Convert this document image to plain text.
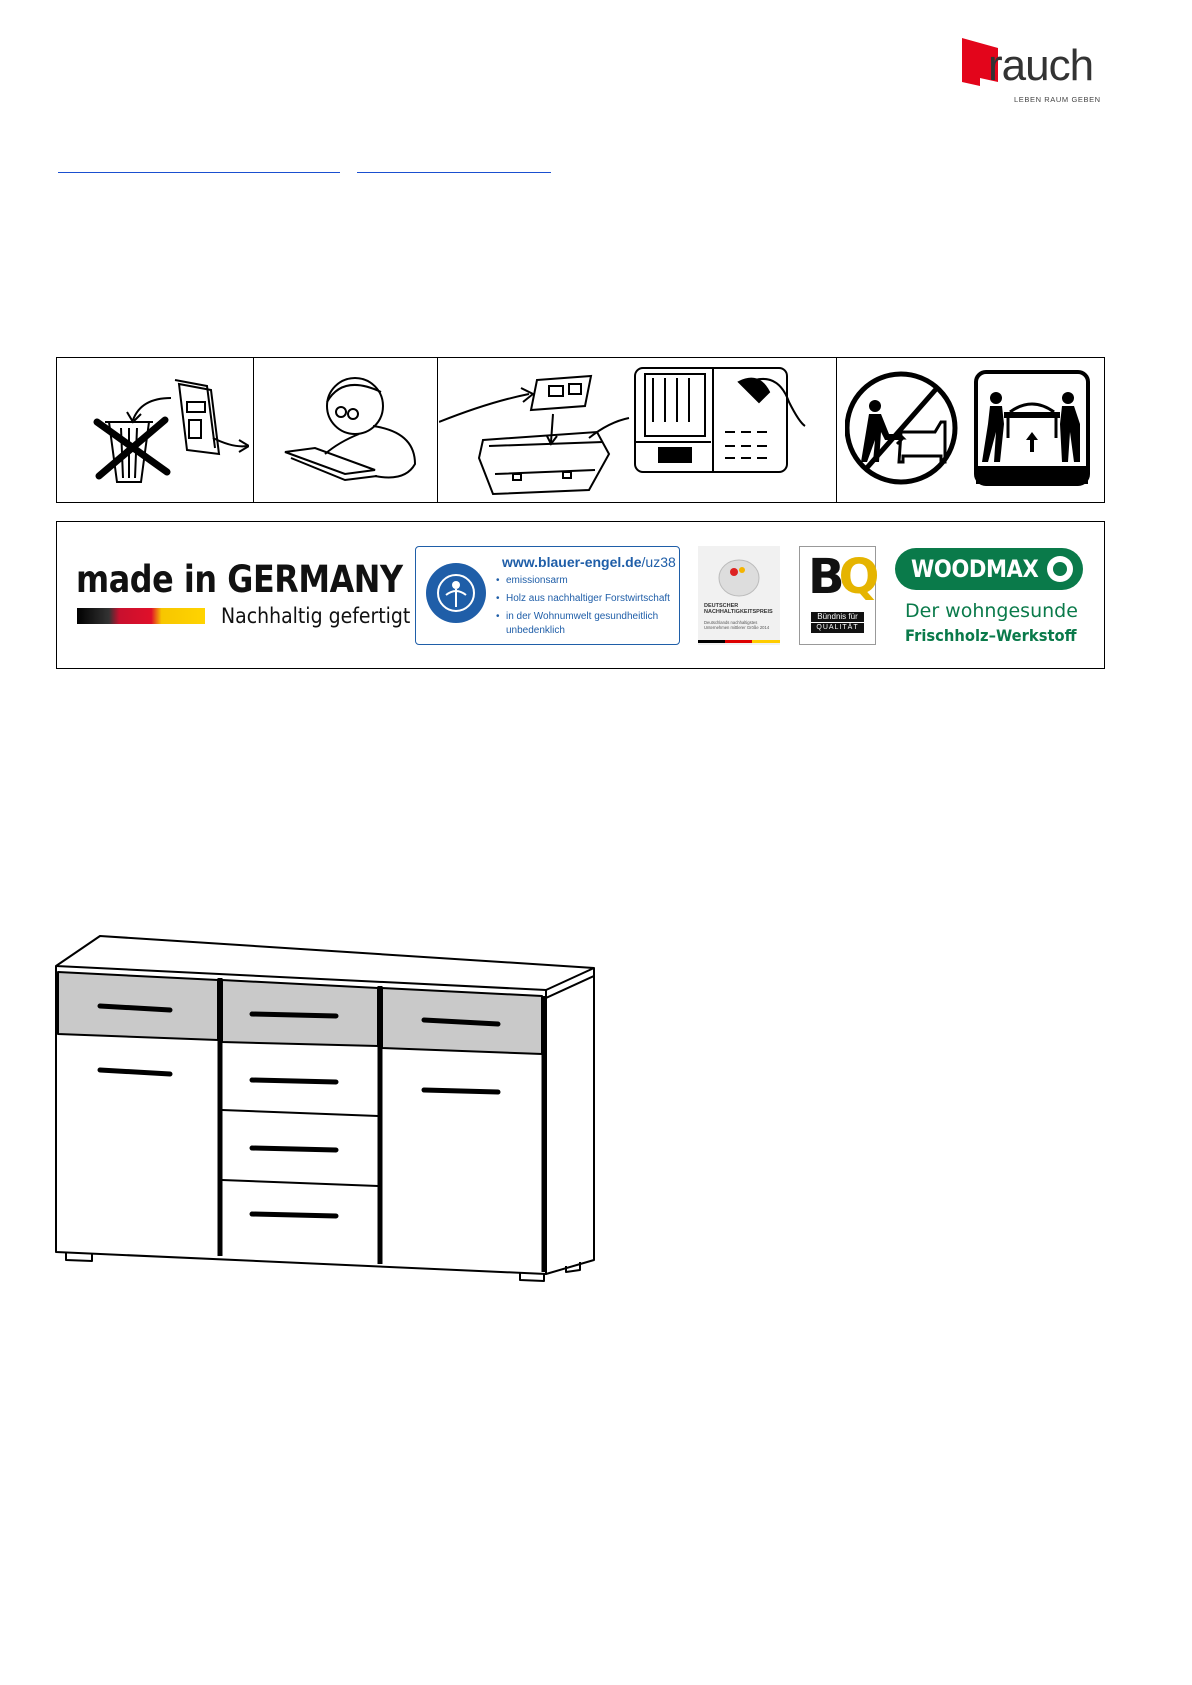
rauch
LEBEN RAUM GEBEN
made in GERMANY
Nachhaltig gefertigt
www.blauer-engel.de/uz38
• emissionsarm
• Holz aus nachhaltiger Forstwirtschaft
• in der Wohnumwelt gesundheitlich
unbedenklich
DEUTSCHER
NACHHALTIGKEITSPREIS
Deutschlands nachhaltigstes Unternehmen mittlerer Größe 2014
BQ
Bündnis für
QUALITÄT
WOODMAX
Der wohngesunde
Frischholz–Werkstoff
